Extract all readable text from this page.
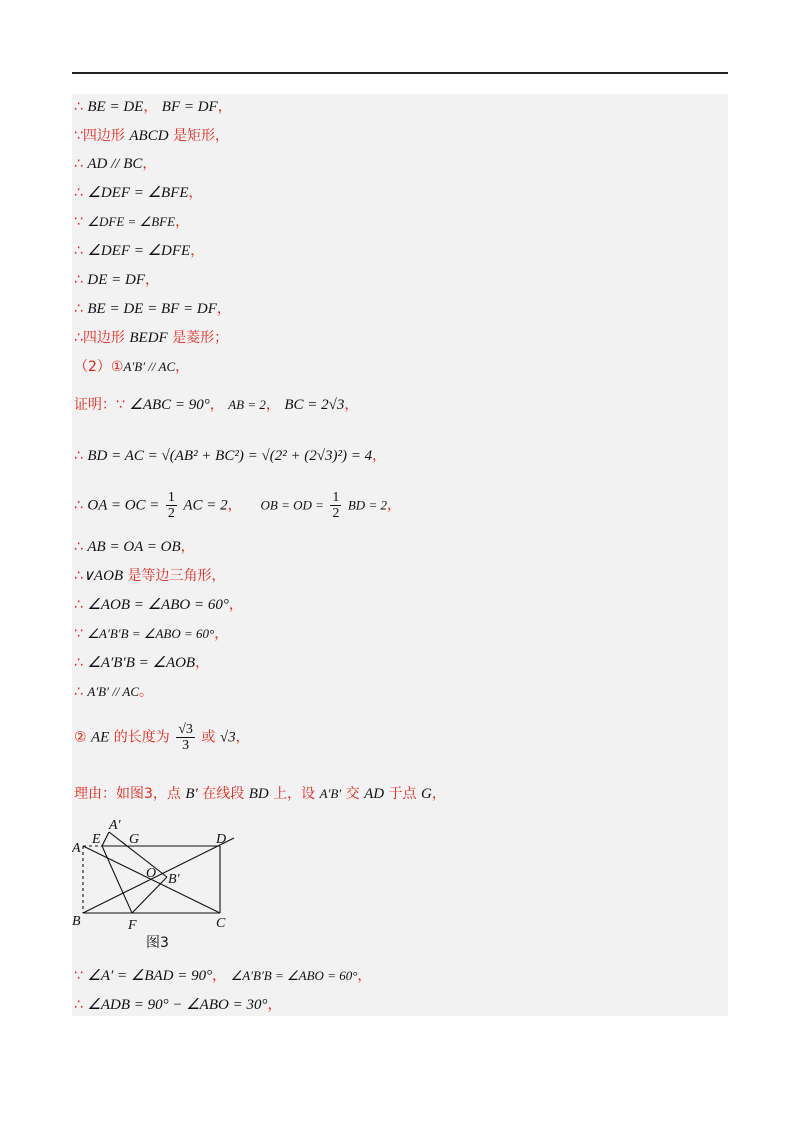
∴ BE = DE， BF = DF，
∵四边形 ABCD 是矩形，
∴ AD // BC，
∴ ∠DEF = ∠BFE，
∵ ∠DFE = ∠BFE，
∴ ∠DEF = ∠DFE，
∴ DE = DF，
∴ BE = DE = BF = DF，
∴四边形 BEDF 是菱形；
（2）①A′B′ // AC，
证明：∵ ∠ABC = 90°， AB = 2， BC = 2√3，
∴ BD = AC = √(AB² + BC²) = √(2² + (2√3)²) = 4，
∴ OA = OC = $\frac{1}{2}$ AC = 2， OB = OD = $\frac{1}{2}$ BD = 2，
∴ AB = OA = OB，
∴∨AOB 是等边三角形，
∴ ∠AOB = ∠ABO = 60°，
∵ ∠A′B′B = ∠ABO = 60°，
∴ ∠A′B′B = ∠AOB，
∴ A′B′ // AC。
② AE 的长度为 $\frac{√3}{3}$ 或 √3，
理由：如图3，点 B′ 在线段 BD 上，设 A′B′ 交 AD 于点 G，
A
A′
E G	D
O B′
B	F	C
图3
∵ ∠A′ = ∠BAD = 90°， ∠A′B′B = ∠ABO = 60°，
∴ ∠ADB = 90° − ∠ABO = 30°，
